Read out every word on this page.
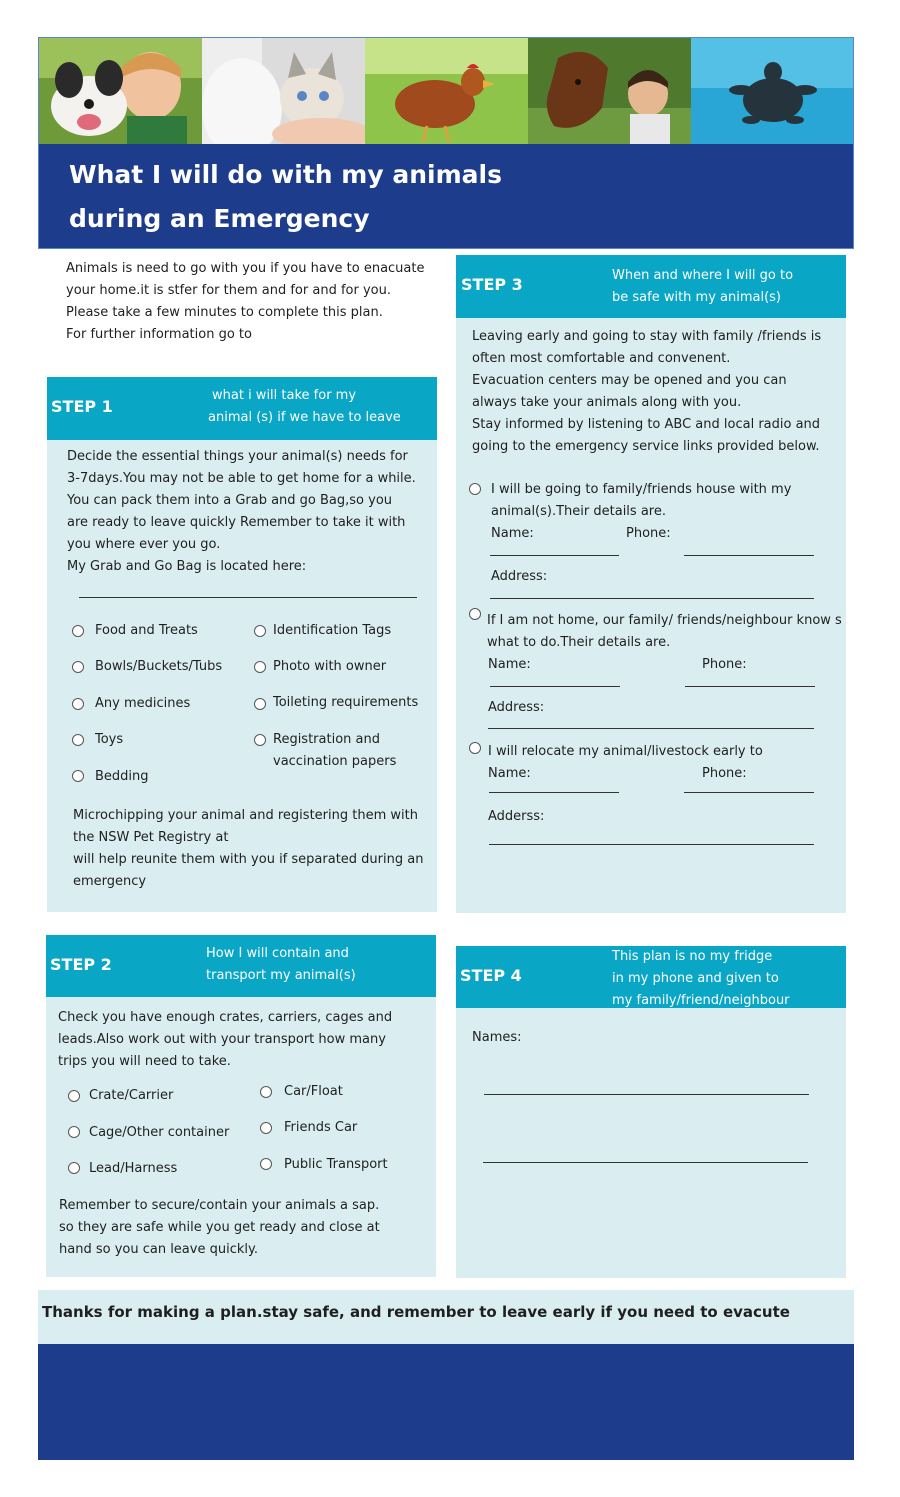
What I will do with my animals
during an Emergency
Animals is need to go with you if you have to enacuate
your home.it is stfer for them and for and for you.
Please take a few minutes to complete this plan.
For further information go to
STEP 1
what i will take for my
animal (s) if we have to leave
Decide the essential things your animal(s) needs for
3-7days.You may not be able to get home for a while.
You can pack them into a Grab and go Bag,so you
are ready to leave quickly Remember to take it with
you where ever you go.
My Grab and Go Bag is located here:
Food and Treats
Bowls/Buckets/Tubs
Any medicines
Toys
Bedding
Identification Tags
Photo with owner
Toileting requirements
Registration and
vaccination papers
Microchipping your animal and registering them with
the NSW Pet Registry at
will help reunite them with you if separated during an
emergency
STEP 2
How I will contain and
transport my animal(s)
Check you have enough crates, carriers, cages and
leads.Also work out with your transport how many
trips you will need to take.
Crate/Carrier
Cage/Other container
Lead/Harness
Car/Float
Friends Car
Public Transport
Remember to secure/contain your animals a sap.
so they are safe while you get ready and close at
hand so you can leave quickly.
STEP 3	When and where I will go to
be safe with my animal(s)
Leaving early and going to stay with family /friends is
often most comfortable and convenent.
Evacuation centers may be opened and you can
always take your animals along with you.
Stay informed by listening to ABC and local radio and
going to the emergency service links provided below.
I will be going to family/friends house with my
animal(s).Their details are.
Name:	Phone:
Address:
If I am not home, our family/ friends/neighbour know s
what to do.Their details are.
Name:	Phone:
Address:
I will relocate my animal/livestock early to
Name:	Phone:
Adderss:
STEP 4
This plan is no my fridge
in my phone and given to
my family/friend/neighbour
Names:
Thanks for making a plan.stay safe, and remember to leave early if you need to evacute
